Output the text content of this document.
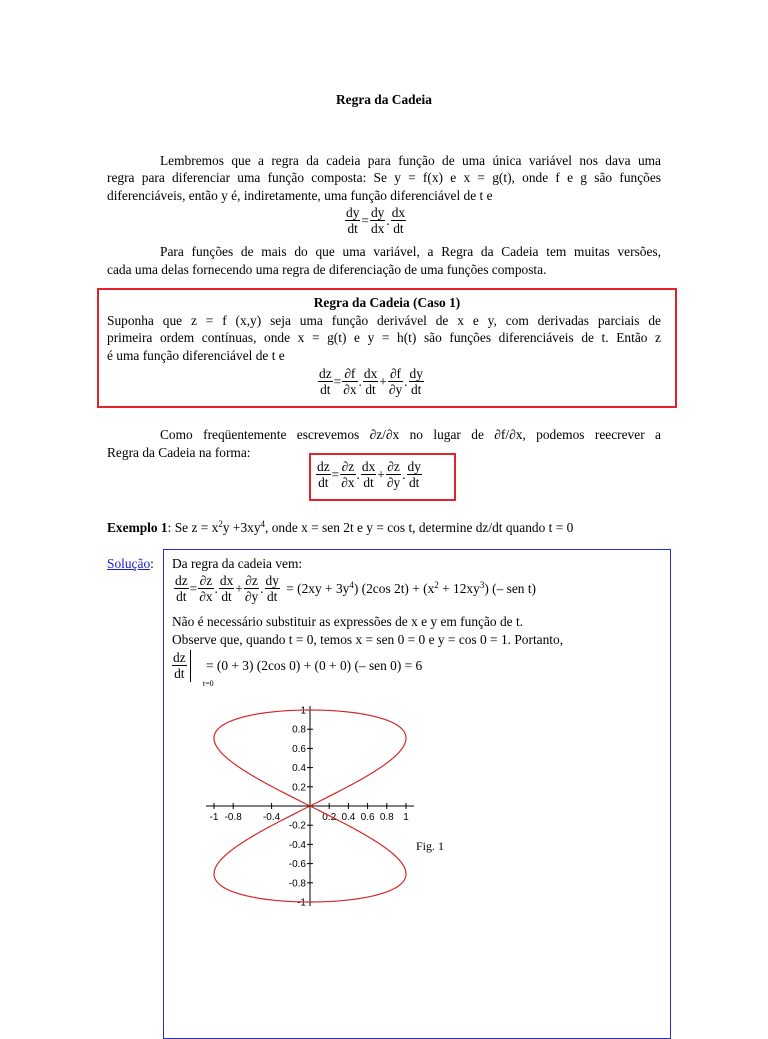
Regra da Cadeia
Lembremos que a regra da cadeia para função de uma única variável nos dava uma
regra para diferenciar uma função composta: Se y = f(x) e x = g(t), onde f e g são funções
diferenciáveis, então y é, indiretamente, uma função diferenciável de t e
$\frac{dy}{dt} = \frac{dy}{dx}$ . $\frac{dx}{dt}$
Para funções de mais do que uma variável, a Regra da Cadeia tem muitas versões,
cada uma delas fornecendo uma regra de diferenciação de uma funções composta.
Regra da Cadeia (Caso 1)
Suponha que z = f (x,y) seja uma função derivável de x e y, com derivadas parciais de
primeira ordem contínuas, onde x = g(t) e y = h(t) são funções diferenciáveis de t. Então z
é uma função diferenciável de t e
$\frac{dz}{dt} = \frac{\partial f}{\partial x}$ . $\frac{dx}{dt} + \frac{\partial f}{\partial y}$ . $\frac{dy}{dt}$
Como freqüentemente escrevemos ∂z/∂x no lugar de ∂f/∂x, podemos reecrever a
Regra da Cadeia na forma:
$\frac{dz}{dt} = \frac{\partial z}{\partial x}$ . $\frac{dx}{dt} + \frac{\partial z}{\partial y}$ . $\frac{dy}{dt}$
Exemplo 1: Se $z = x^2y +3xy^4$, onde x = sen 2t e y = cos t, determine dz/dt quando t = 0
Solução: Da regra da cadeia vem:
$\frac{dz}{dt} = \frac{\partial z}{\partial x}$ . $\frac{dx}{dt} + \frac{\partial z}{\partial y}$ . $\frac{dy}{dt} = (2xy + 3y^4)$ (2cos $2t) + (x^2 + 12xy^3)$ (– sen t)
Não é necessário substituir as expressões de x e y em função de t.
Observe que, quando t = 0, temos x = sen 0 = 0 e y = cos 0 = 1. Portanto,
$\frac{dz}{dt}$
t=0
= (0 + 3) (2cos 0) + (0 + 0) (– sen 0) = 6
-1 -0.8 -0.4	0.2 0.4 0.6 0.8 1
1
0.8
0.6
0.4
0.2
-0.2
-0.4
-0.6
-0.8
-1
Fig. 1
